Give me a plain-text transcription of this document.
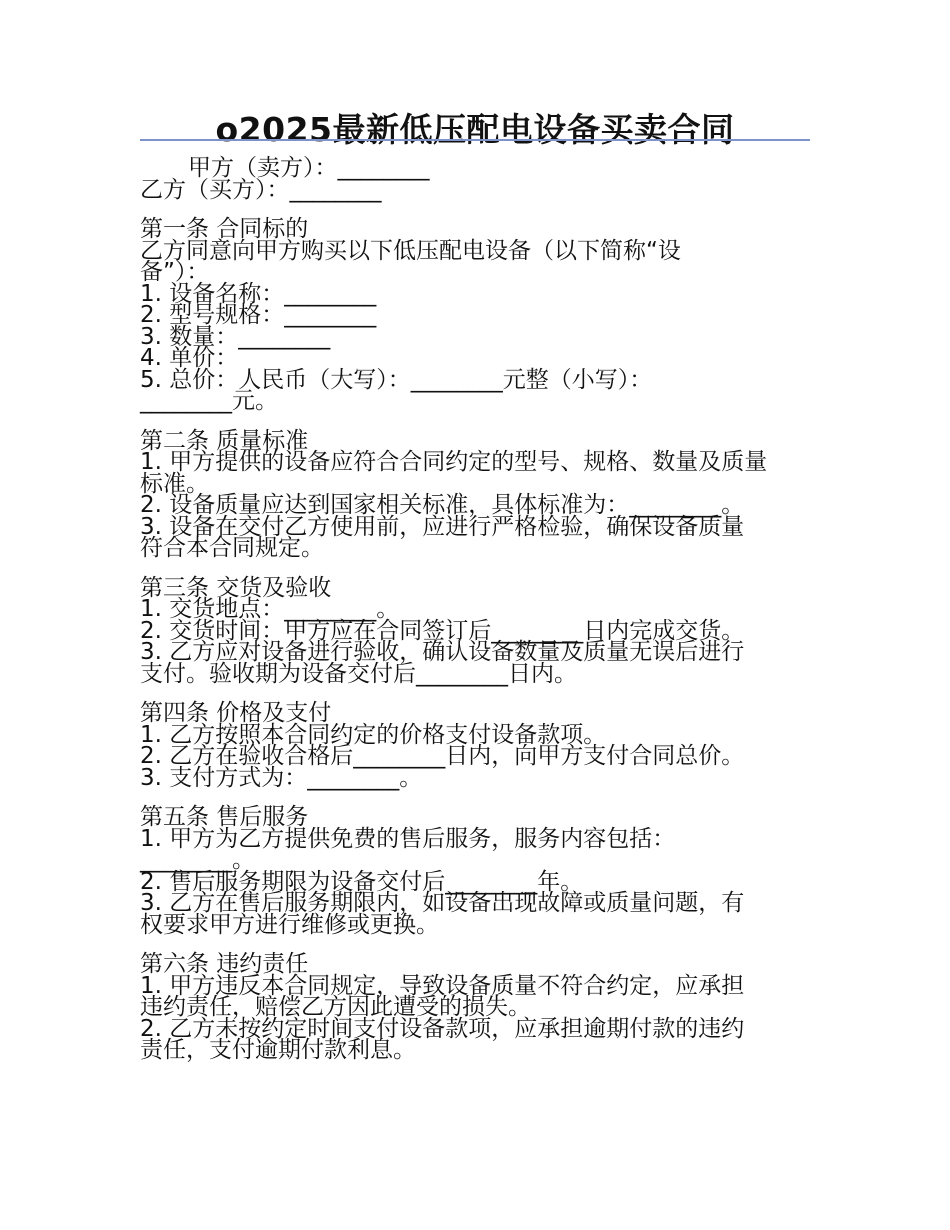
o2025最新低压配电设备买卖合同

甲方（卖方）：________

乙方（买方）：________

第一条 合同标的

乙方同意向甲方购买以下低压配电设备（以下简称“设

备”）：

1. 设备名称：________

2. 型号规格：________

3. 数量：________

4. 单价：

5. 总价：人民币（大写）：________元整（小写）：

________元。

第二条 质量标准

1. 甲方提供的设备应符合合同约定的型号、规格、数量及质量

标准。

2. 设备质量应达到国家相关标准，具体标准为：________。

3. 设备在交付乙方使用前，应进行严格检验，确保设备质量

符合本合同规定。

第三条 交货及验收

1. 交货地点：________。

2. 交货时间：甲方应在合同签订后________日内完成交货。

3. 乙方应对设备进行验收，确认设备数量及质量无误后进行

支付。验收期为设备交付后________日内。

第四条 价格及支付

1. 乙方按照本合同约定的价格支付设备款项。

2. 乙方在验收合格后________日内，向甲方支付合同总价。

3. 支付方式为：________。

第五条 售后服务

1. 甲方为乙方提供免费的售后服务，服务内容包括：

________。

2. 售后服务期限为设备交付后________年。

3. 乙方在售后服务期限内，如设备出现故障或质量问题，有

权要求甲方进行维修或更换。

第六条 违约责任

1. 甲方违反本合同规定，导致设备质量不符合约定，应承担

违约责任，赔偿乙方因此遭受的损失。

2. 乙方未按约定时间支付设备款项，应承担逾期付款的违约

责任，支付逾期付款利息。
